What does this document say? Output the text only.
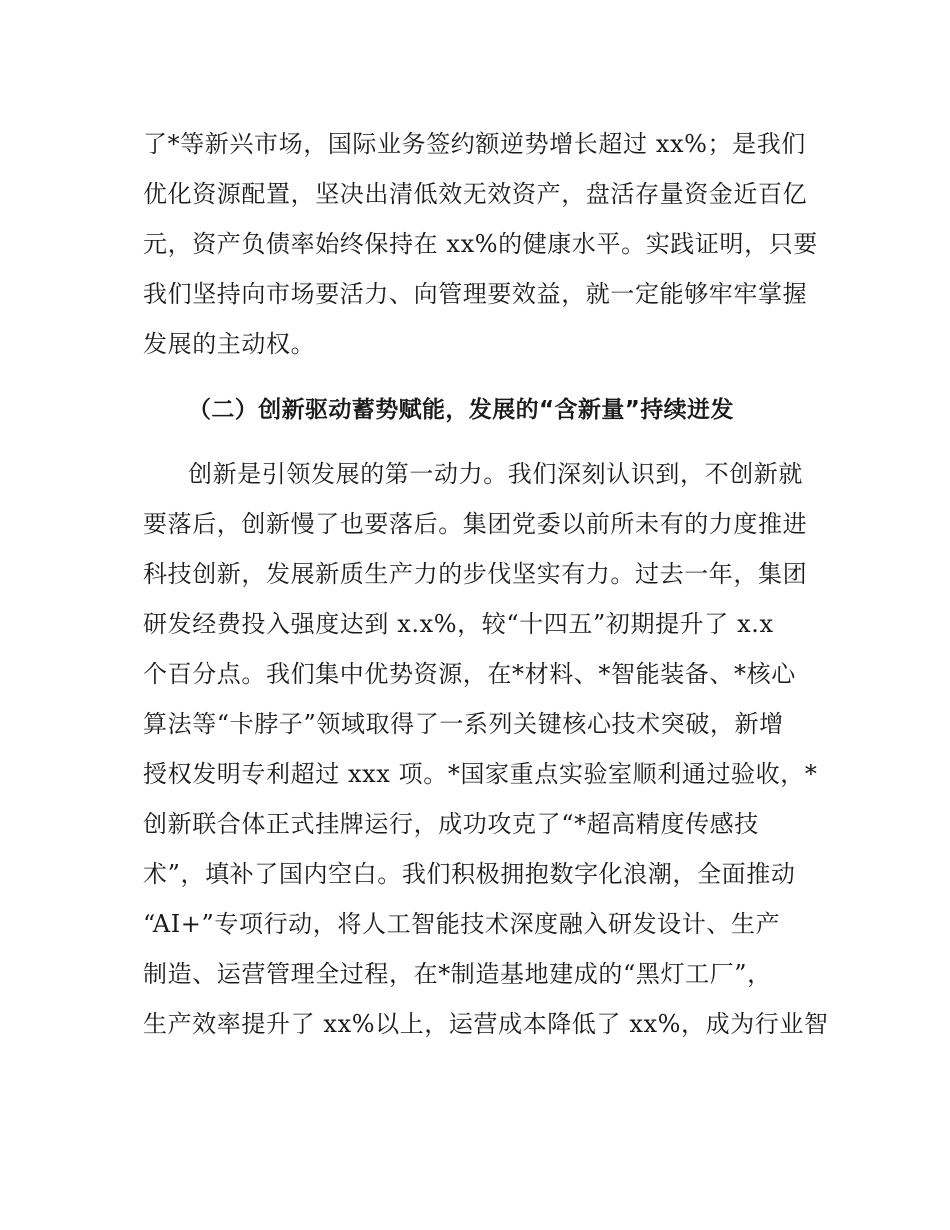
了*等新兴市场，国际业务签约额逆势增长超过 xx%；是我们
优化资源配置，坚决出清低效无效资产，盘活存量资金近百亿
元，资产负债率始终保持在 xx%的健康水平。实践证明，只要
我们坚持向市场要活力、向管理要效益，就一定能够牢牢掌握
发展的主动权。
（二）创新驱动蓄势赋能，发展的“含新量”持续迸发
创新是引领发展的第一动力。我们深刻认识到，不创新就
要落后，创新慢了也要落后。集团党委以前所未有的力度推进
科技创新，发展新质生产力的步伐坚实有力。过去一年，集团
研发经费投入强度达到 x.x%，较“十四五”初期提升了 x.x
个百分点。我们集中优势资源，在*材料、*智能装备、*核心
算法等“卡脖子”领域取得了一系列关键核心技术突破，新增
授权发明专利超过 xxx 项。*国家重点实验室顺利通过验收，*
创新联合体正式挂牌运行，成功攻克了“*超高精度传感技
术”，填补了国内空白。我们积极拥抱数字化浪潮，全面推动
“AI+”专项行动，将人工智能技术深度融入研发设计、生产
制造、运营管理全过程，在*制造基地建成的“黑灯工厂”，
生产效率提升了 xx%以上，运营成本降低了 xx%，成为行业智
